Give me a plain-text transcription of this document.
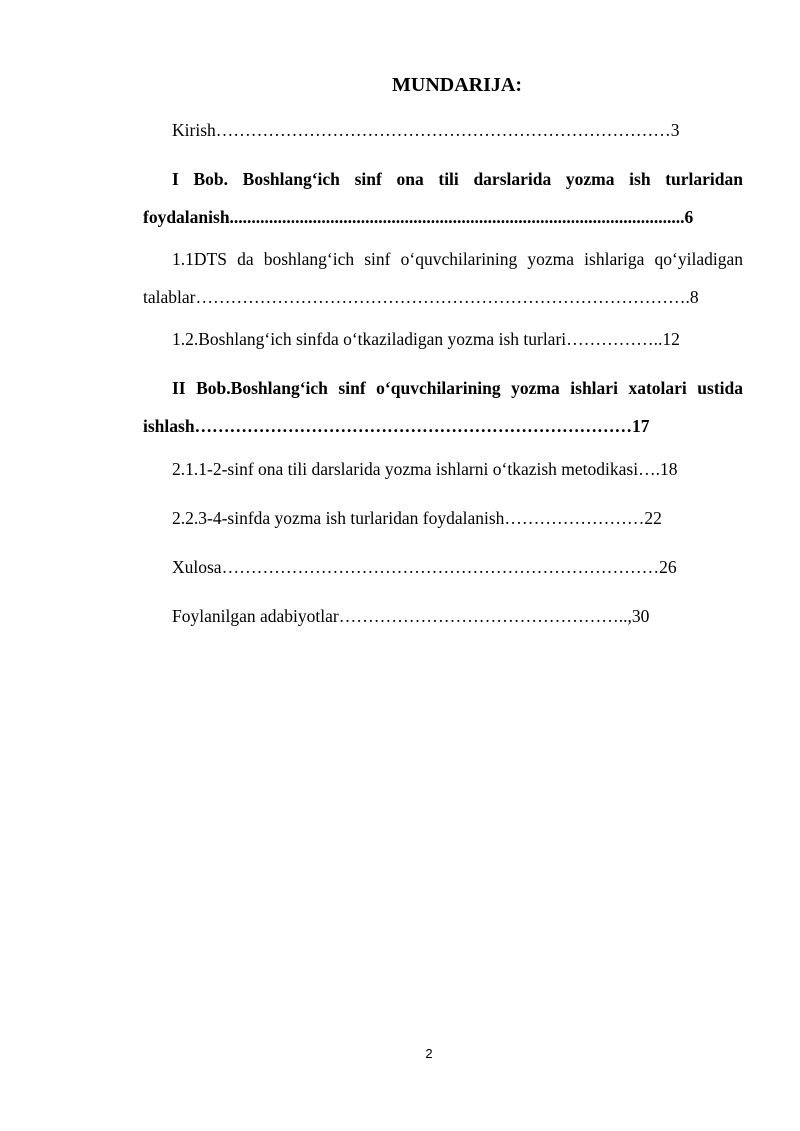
MUNDARIJA:
Kirish……………………………………………………………………3
I Bob. Boshlang‘ich sinf ona tili darslarida yozma ish turlaridan
foydalanish........................................................................................................6
1.1DTS da boshlang‘ich sinf o‘quvchilarining yozma ishlariga qo‘yiladigan
talablar………………………………………………………………………….8
1.2.Boshlang‘ich sinfda o‘tkaziladigan yozma ish turlari……………..12
II Bob.Boshlang‘ich sinf o‘quvchilarining yozma ishlari xatolari ustida
ishlash…………………………………………………………………17
2.1.1-2-sinf ona tili darslarida yozma ishlarni o‘tkazish metodikasi….18
2.2.3-4-sinfda yozma ish turlaridan foydalanish……………………22
Xulosa…………………………………………………………………26
Foylanilgan adabiyotlar…………………………………………..,30
2
